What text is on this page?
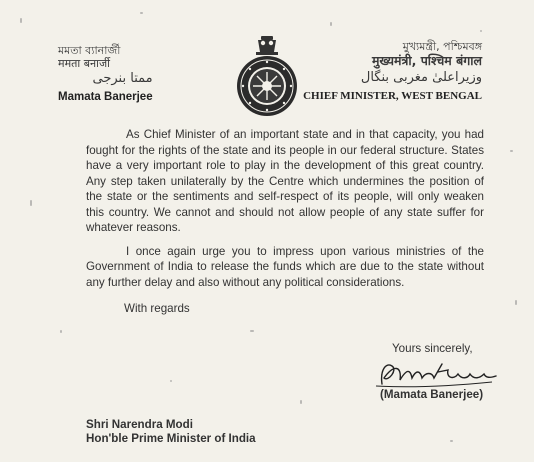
মমতা ব্যানার্জী
ममता बनार्जी
ممتا بنرجی
Mamata Banerjee
মুখ্যমন্ত্রী, পশ্চিমবঙ্গ
मुख्यमंत्री, पश्चिम बंगाल
وزیراعلیٰ مغربی بنگال
CHIEF MINISTER, WEST BENGAL

As Chief Minister of an important state and in that capacity, you had fought for the rights of the state and its people in our federal structure. States have a very important role to play in the development of this great country. Any step taken unilaterally by the Centre which undermines the position of the state or the sentiments and self-respect of its people, will only weaken this country. We cannot and should not allow people of any state suffer for whatever reasons.

I once again urge you to impress upon various ministries of the Government of India to release the funds which are due to the state without any further delay and also without any political considerations.

With regards
Yours sincerely,
(Mamata Banerjee)
Shri Narendra Modi
Hon'ble Prime Minister of India
